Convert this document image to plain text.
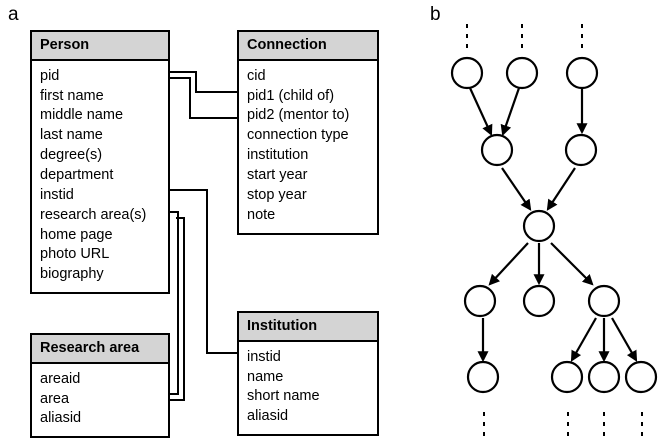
a	b
Person
pid
first name
middle name
last name
degree(s)
department
instid
research area(s)
home page
photo URL
biography
Connection
cid
pid1 (child of)
pid2 (mentor to)
connection type
institution
start year
stop year
note
Research area
areaid
area
aliasid
Institution
instid
name
short name
aliasid
